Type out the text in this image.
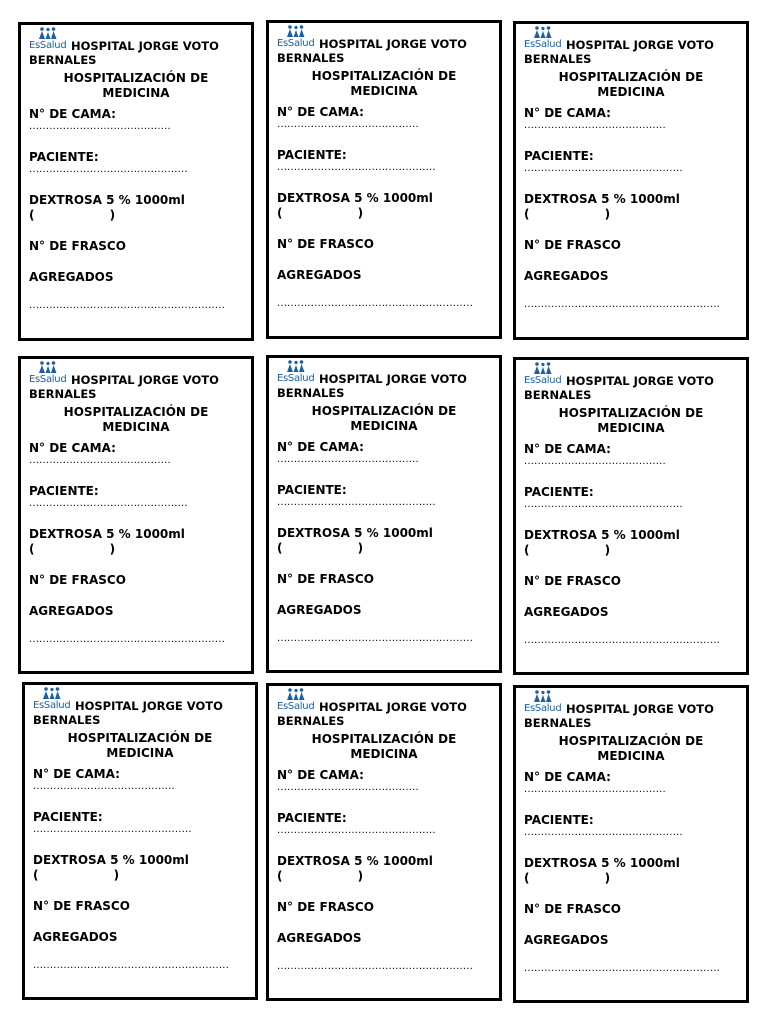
EsSalud HOSPITAL JORGE VOTO BERNALES
HOSPITALIZACIÓN DE MEDICINA
N° DE CAMA:
..........................................
PACIENTE:
...............................................
DEXTROSA 5 % 1000ml
(                  )
N° DE FRASCO
AGREGADOS
..........................................................
EsSalud HOSPITAL JORGE VOTO BERNALES
HOSPITALIZACIÓN DE MEDICINA
N° DE CAMA:
..........................................
PACIENTE:
...............................................
DEXTROSA 5 % 1000ml
(                  )
N° DE FRASCO
AGREGADOS
..........................................................
EsSalud HOSPITAL JORGE VOTO BERNALES
HOSPITALIZACIÓN DE MEDICINA
N° DE CAMA:
..........................................
PACIENTE:
...............................................
DEXTROSA 5 % 1000ml
(                  )
N° DE FRASCO
AGREGADOS
..........................................................
EsSalud HOSPITAL JORGE VOTO BERNALES
HOSPITALIZACIÓN DE MEDICINA
N° DE CAMA:
..........................................
PACIENTE:
...............................................
DEXTROSA 5 % 1000ml
(                  )
N° DE FRASCO
AGREGADOS
..........................................................
EsSalud HOSPITAL JORGE VOTO BERNALES
HOSPITALIZACIÓN DE MEDICINA
N° DE CAMA:
..........................................
PACIENTE:
...............................................
DEXTROSA 5 % 1000ml
(                  )
N° DE FRASCO
AGREGADOS
..........................................................
EsSalud HOSPITAL JORGE VOTO BERNALES
HOSPITALIZACIÓN DE MEDICINA
N° DE CAMA:
..........................................
PACIENTE:
...............................................
DEXTROSA 5 % 1000ml
(                  )
N° DE FRASCO
AGREGADOS
..........................................................
EsSalud HOSPITAL JORGE VOTO BERNALES
HOSPITALIZACIÓN DE MEDICINA
N° DE CAMA:
..........................................
PACIENTE:
...............................................
DEXTROSA 5 % 1000ml
(                  )
N° DE FRASCO
AGREGADOS
..........................................................
EsSalud HOSPITAL JORGE VOTO BERNALES
HOSPITALIZACIÓN DE MEDICINA
N° DE CAMA:
..........................................
PACIENTE:
...............................................
DEXTROSA 5 % 1000ml
(                  )
N° DE FRASCO
AGREGADOS
..........................................................
EsSalud HOSPITAL JORGE VOTO BERNALES
HOSPITALIZACIÓN DE MEDICINA
N° DE CAMA:
..........................................
PACIENTE:
...............................................
DEXTROSA 5 % 1000ml
(                  )
N° DE FRASCO
AGREGADOS
..........................................................
